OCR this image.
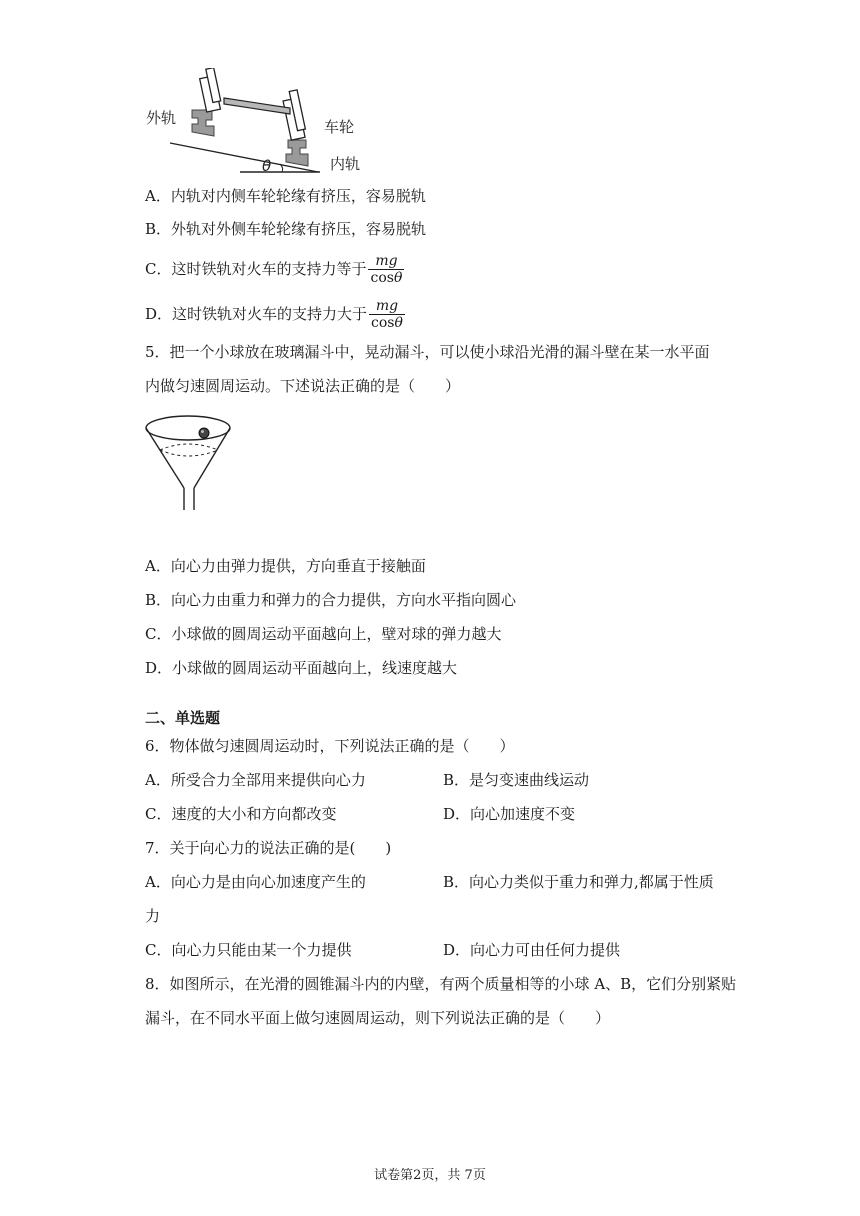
外轨	车轮
内轨
θ
A．内轨对内侧车轮轮缘有挤压，容易脱轨
B．外轨对外侧车轮轮缘有挤压，容易脱轨
C．这时铁轨对火车的支持力等于 $\frac{mg}{\cos\theta}$
D．这时铁轨对火车的支持力大于 $\frac{mg}{\cos\theta}$
5．把一个小球放在玻璃漏斗中，晃动漏斗，可以使小球沿光滑的漏斗壁在某一水平面
内做匀速圆周运动。下述说法正确的是（　　）
A．向心力由弹力提供，方向垂直于接触面
B．向心力由重力和弹力的合力提供，方向水平指向圆心
C．小球做的圆周运动平面越向上，壁对球的弹力越大
D．小球做的圆周运动平面越向上，线速度越大
二、单选题
6．物体做匀速圆周运动时，下列说法正确的是（　　）
A．所受合力全部用来提供向心力	B．是匀变速曲线运动
C．速度的大小和方向都改变	D．向心加速度不变
7．关于向心力的说法正确的是(　　)
A．向心力是由向心加速度产生的	B．向心力类似于重力和弹力,都属于性质
力
C．向心力只能由某一个力提供	D．向心力可由任何力提供
8．如图所示，在光滑的圆锥漏斗内的内壁，有两个质量相等的小球 A、B，它们分别紧贴
漏斗，在不同水平面上做匀速圆周运动，则下列说法正确的是（　　）
试卷第2页，共 7页
